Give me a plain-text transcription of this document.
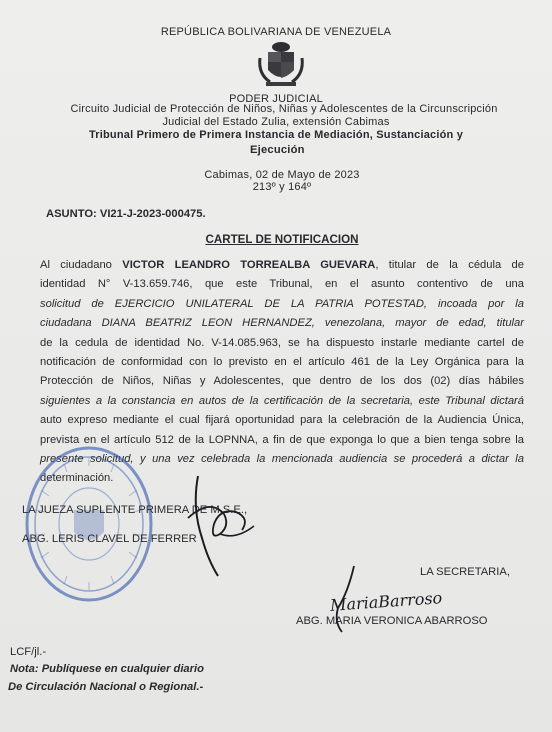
REPÚBLICA BOLIVARIANA DE VENEZUELA
PODER JUDICIAL
Circuito Judicial de Protección de Niños, Niñas y Adolescentes de la Circunscripción
Judicial del Estado Zulia, extensión Cabimas
Tribunal Primero de Primera Instancia de Mediación, Sustanciación y
Ejecución
Cabimas, 02 de Mayo de 2023
213º y 164º
ASUNTO: VI21-J-2023-000475.
CARTEL DE NOTIFICACION
Al ciudadano VICTOR LEANDRO TORREALBA GUEVARA, titular de la cédula de
identidad N° V-13.659.746, que este Tribunal, en el asunto contentivo de una
solicitud de EJERCICIO UNILATERAL DE LA PATRIA POTESTAD, incoada por la
ciudadana DIANA BEATRIZ LEON HERNANDEZ, venezolana, mayor de edad, titular
de la cedula de identidad No. V-14.085.963, se ha dispuesto instarle mediante cartel de
notificación de conformidad con lo previsto en el artículo 461 de la Ley Orgánica para la
Protección de Niños, Niñas y Adolescentes, que dentro de los dos (02) días hábiles
siguientes a la constancia en autos de la certificación de la secretaria, este Tribunal dictará
auto expreso mediante el cual fijará oportunidad para la celebración de la Audiencia Única,
prevista en el artículo 512 de la LOPNNA, a fin de que exponga lo que a bien tenga sobre la
presente solicitud, y una vez celebrada la mencionada audiencia se procederá a dictar la
determinación.
LA JUEZA SUPLENTE PRIMERA DE M.S.E.,
ABG. LERIS CLAVEL DE FERRER
LA SECRETARIA,
ABG. MARIA VERONICA ABARROSO
MariaBarroso
LCF/jl.-
Nota: Publíquese en cualquier diario
De Circulación Nacional o Regional.-
